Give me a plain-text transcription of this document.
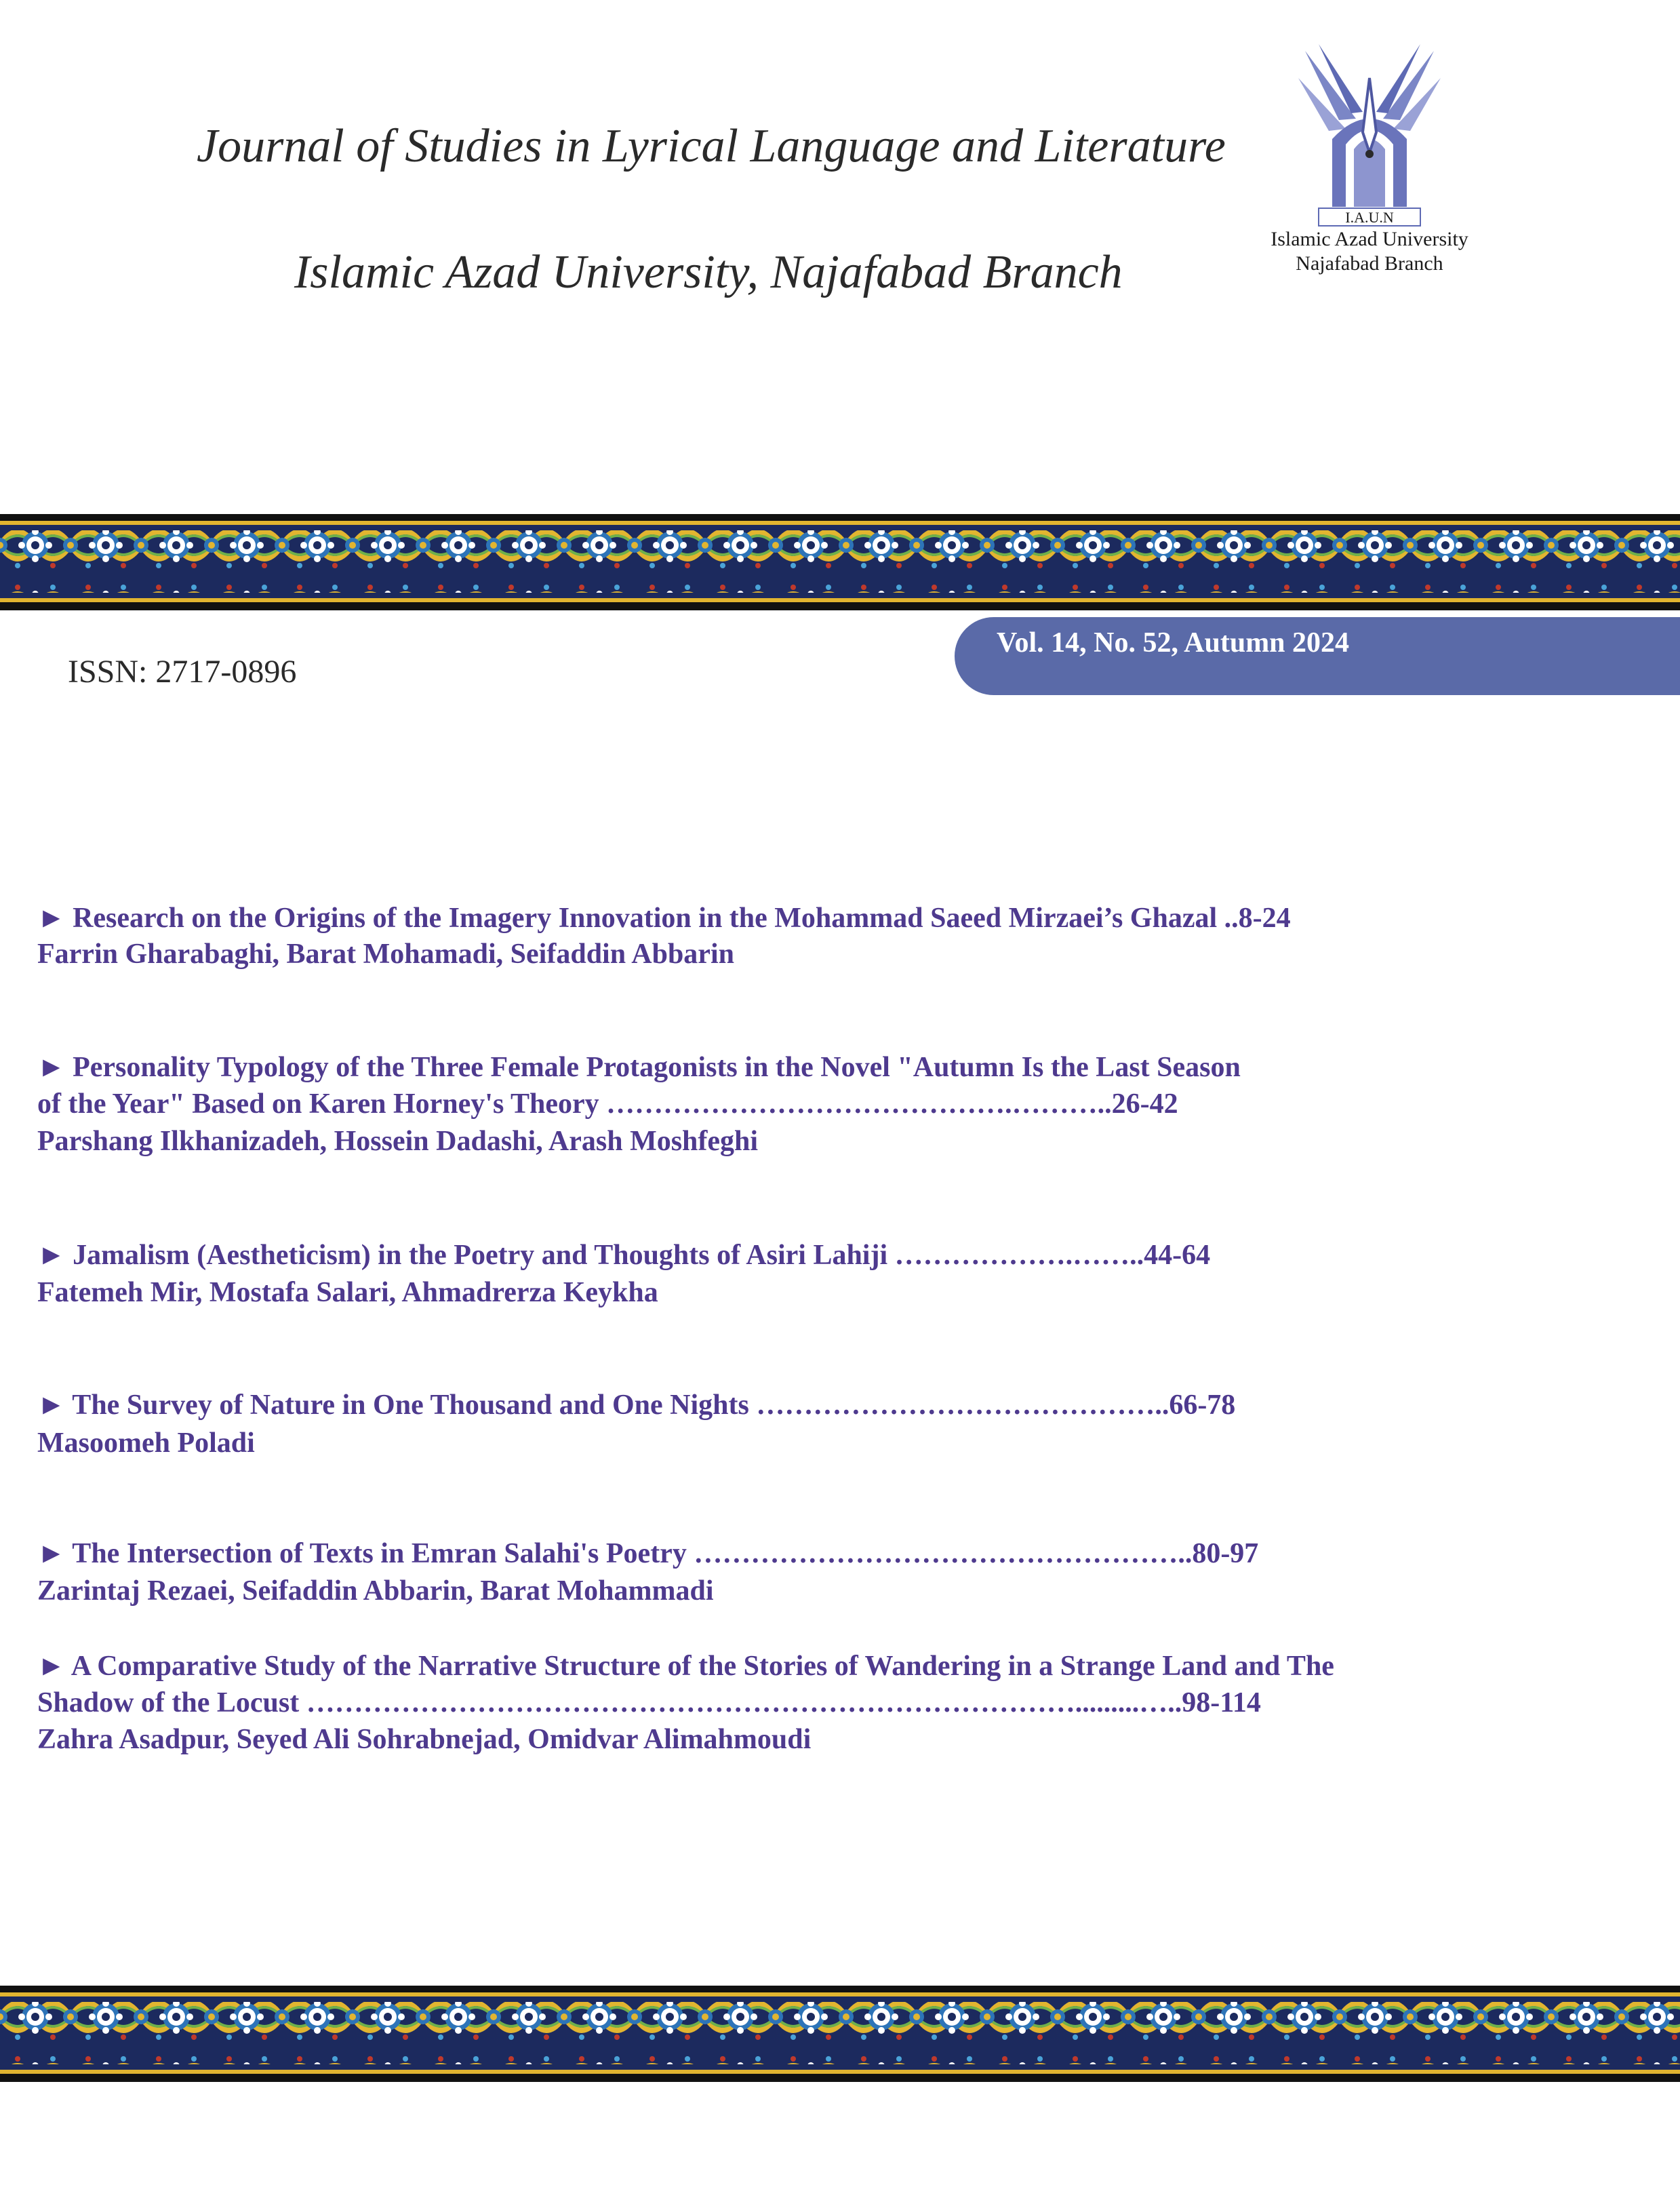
Journal of Studies in Lyrical Language and Literature
Islamic Azad University, Najafabad Branch
I.A.U.N
Islamic Azad University
Najafabad Branch
ISSN: 2717-0896
Vol. 14, No. 52, Autumn 2024
► Research on the Origins of the Imagery Innovation in the Mohammad Saeed Mirzaei’s Ghazal ..8-24
Farrin Gharabaghi, Barat Mohamadi, Seifaddin Abbarin
► Personality Typology of the Three Female Protagonists in the Novel "Autumn Is the Last Season
of the Year" Based on Karen Horney's Theory …………………………………….………..26-42
Parshang Ilkhanizadeh, Hossein Dadashi, Arash Moshfeghi
► Jamalism (Aestheticism) in the Poetry and Thoughts of Asiri Lahiji ……………….……..44-64
Fatemeh Mir, Mostafa Salari, Ahmadrerza Keykha
► The Survey of Nature in One Thousand and One Nights ……………………………………..66-78
Masoomeh Poladi
► The Intersection of Texts in Emran Salahi's Poetry ……………………………………………..80-97
Zarintaj Rezaei, Seifaddin Abbarin, Barat Mohammadi
► A Comparative Study of the Narrative Structure of the Stories of Wandering in a Strange Land and The
Shadow of the Locust ……………………………………………………………………….........…..98-114
Zahra Asadpur, Seyed Ali Sohrabnejad, Omidvar Alimahmoudi
